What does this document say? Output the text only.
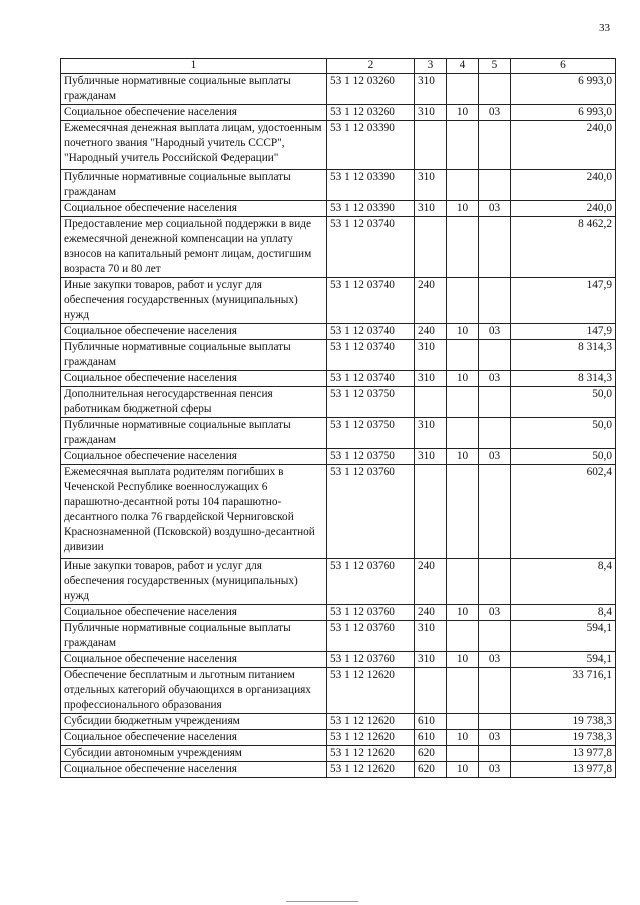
33
1	2	3	4	5	6
Публичные нормативные социальные выплаты гражданам	53 1 12 03260	310			6 993,0
Социальное обеспечение населения	53 1 12 03260	310	10	03	6 993,0
Ежемесячная денежная выплата лицам, удостоенным почетного звания "Народный учитель СССР", "Народный учитель Российской Федерации"	53 1 12 03390				240,0
Публичные нормативные социальные выплаты гражданам	53 1 12 03390	310			240,0
Социальное обеспечение населения	53 1 12 03390	310	10	03	240,0
Предоставление мер социальной поддержки в виде ежемесячной денежной компенсации на уплату взносов на капитальный ремонт лицам, достигшим возраста 70 и 80 лет	53 1 12 03740				8 462,2
Иные закупки товаров, работ и услуг для обеспечения государственных (муниципальных) нужд	53 1 12 03740	240			147,9
Социальное обеспечение населения	53 1 12 03740	240	10	03	147,9
Публичные нормативные социальные выплаты гражданам	53 1 12 03740	310			8 314,3
Социальное обеспечение населения	53 1 12 03740	310	10	03	8 314,3
Дополнительная негосударственная пенсия работникам бюджетной сферы	53 1 12 03750				50,0
Публичные нормативные социальные выплаты гражданам	53 1 12 03750	310			50,0
Социальное обеспечение населения	53 1 12 03750	310	10	03	50,0
Ежемесячная выплата родителям погибших в Чеченской Республике военнослужащих 6 парашютно-десантной роты 104 парашютно-десантного полка 76 гвардейской Черниговской Краснознаменной (Псковской) воздушно-десантной дивизии	53 1 12 03760				602,4
Иные закупки товаров, работ и услуг для обеспечения государственных (муниципальных) нужд	53 1 12 03760	240			8,4
Социальное обеспечение населения	53 1 12 03760	240	10	03	8,4
Публичные нормативные социальные выплаты гражданам	53 1 12 03760	310			594,1
Социальное обеспечение населения	53 1 12 03760	310	10	03	594,1
Обеспечение бесплатным и льготным питанием отдельных категорий обучающихся в организациях профессионального образования	53 1 12 12620				33 716,1
Субсидии бюджетным учреждениям	53 1 12 12620	610			19 738,3
Социальное обеспечение населения	53 1 12 12620	610	10	03	19 738,3
Субсидии автономным учреждениям	53 1 12 12620	620			13 977,8
Социальное обеспечение населения	53 1 12 12620	620	10	03	13 977,8
